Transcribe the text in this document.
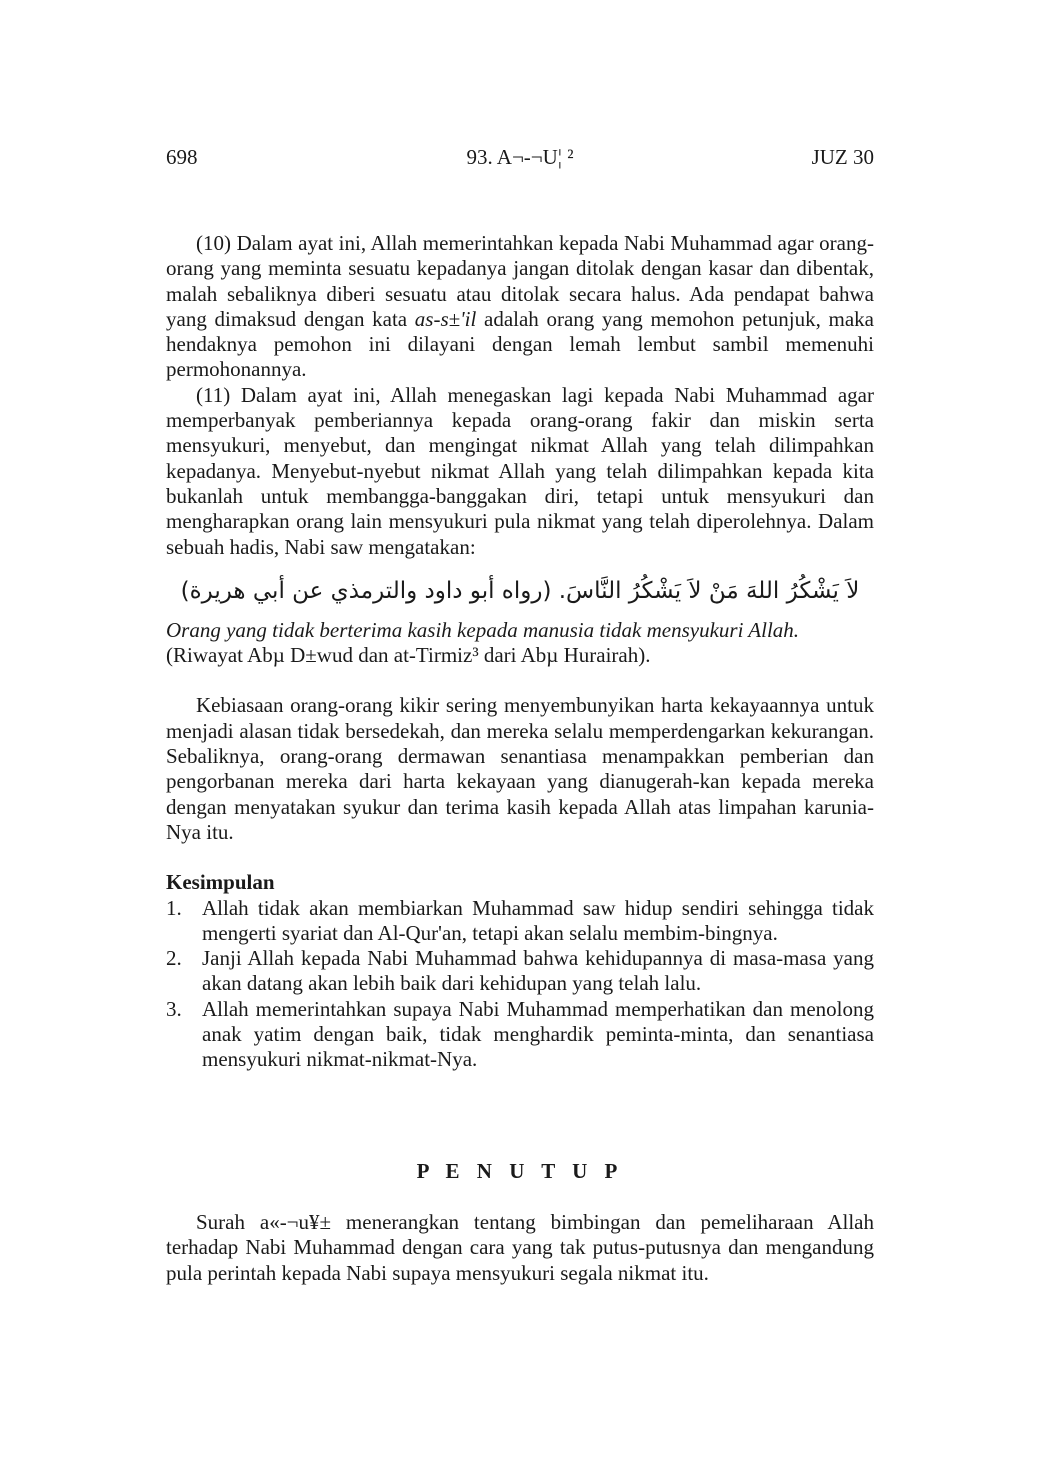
698	93. A¬-¬U¦ ²	JUZ 30

(10) Dalam ayat ini, Allah memerintahkan kepada Nabi Muhammad agar orang-orang yang meminta sesuatu kepadanya jangan ditolak dengan kasar dan dibentak, malah sebaliknya diberi sesuatu atau ditolak secara halus. Ada pendapat bahwa yang dimaksud dengan kata as-s±'il adalah orang yang memohon petunjuk, maka hendaknya pemohon ini dilayani dengan lemah lembut sambil memenuhi permohonannya.

(11) Dalam ayat ini, Allah menegaskan lagi kepada Nabi Muhammad agar memperbanyak pemberiannya kepada orang-orang fakir dan miskin serta mensyukuri, menyebut, dan mengingat nikmat Allah yang telah dilimpahkan kepadanya. Menyebut-nyebut nikmat Allah yang telah dilimpahkan kepada kita bukanlah untuk membangga-banggakan diri, tetapi untuk mensyukuri dan mengharapkan orang lain mensyukuri pula nikmat yang telah diperolehnya. Dalam sebuah hadis, Nabi saw mengatakan:

لاَ يَشْكُرُ اللهَ مَنْ لاَ يَشْكُرُ النَّاسَ. (رواه أبو داود والترمذي عن أبي هريرة)

Orang yang tidak berterima kasih kepada manusia tidak mensyukuri Allah.

(Riwayat Abµ D±wud dan at-Tirmiz³ dari Abµ Hurairah).

Kebiasaan orang-orang kikir sering menyembunyikan harta kekayaannya untuk menjadi alasan tidak bersedekah, dan mereka selalu memperdengarkan kekurangan. Sebaliknya, orang-orang dermawan senantiasa menampakkan pemberian dan pengorbanan mereka dari harta kekayaan yang dianugerah-kan kepada mereka dengan menyatakan syukur dan terima kasih kepada Allah atas limpahan karunia-Nya itu.

Kesimpulan
1. Allah tidak akan membiarkan Muhammad saw hidup sendiri sehingga tidak mengerti syariat dan Al-Qur'an, tetapi akan selalu membim-bingnya.
2. Janji Allah kepada Nabi Muhammad bahwa kehidupannya di masa-masa yang akan datang akan lebih baik dari kehidupan yang telah lalu.
3. Allah memerintahkan supaya Nabi Muhammad memperhatikan dan menolong anak yatim dengan baik, tidak menghardik peminta-minta, dan senantiasa mensyukuri nikmat-nikmat-Nya.
P E N U T U P

Surah a«-¬u¥± menerangkan tentang bimbingan dan pemeliharaan Allah terhadap Nabi Muhammad dengan cara yang tak putus-putusnya dan mengandung pula perintah kepada Nabi supaya mensyukuri segala nikmat itu.
